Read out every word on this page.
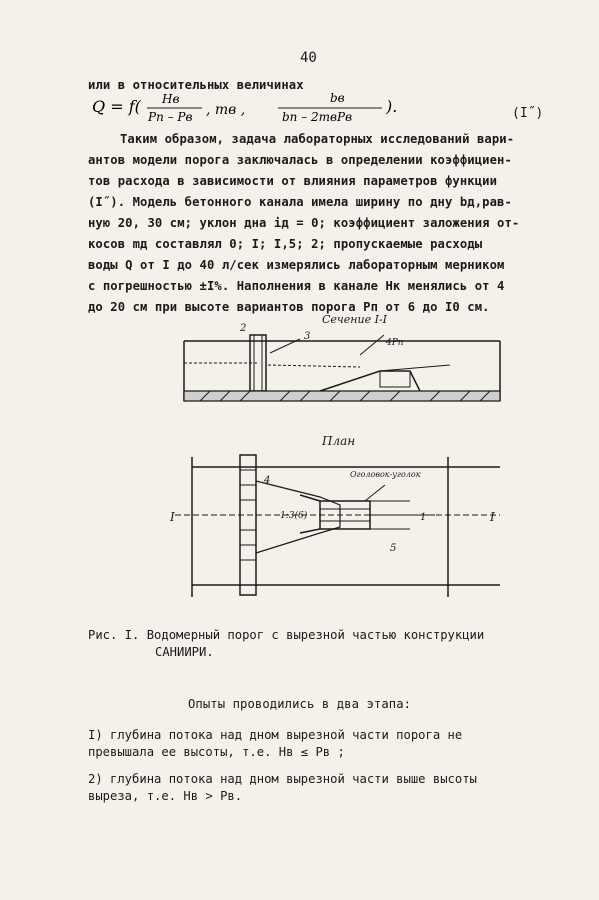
40
или в относительных величинах
Q = f( Hв
Pп – Pв , mв ,
bв
bп – 2mвPв
).	(I˝)
Таким образом, задача лабораторных исследований вари-
антов модели порога заключалась в определении коэффициен-
тов расхода в зависимости от влияния параметров функции
(I˝). Модель бетонного канала имела ширину по дну bд,рав-
ную 20, 30 см; уклон дна iд = 0; коэффициент заложения от-
косов mд составлял 0; I; I,5; 2; пропускаемые расходы
воды Q от I до 40 л/сек измерялись лабораторным мерником
с погрешностью ±I%. Наполнения в канале Hк менялись от 4
до 20 см при высоте вариантов порога Pп от 6 до I0 см.
Сечение I-I
2
3
4Pп
План
1:3(6)
Оголовок-уголок
I	I
4
5
1
Рис. I. Водомерный порог с вырезной частью конструкции
САНИИРИ.
Опыты проводились в два этапа:
I) глубина потока над дном вырезной части порога не
превышала ее высоты, т.е. Hв ≤ Pв ;
2) глубина потока над дном вырезной части выше высоты
выреза, т.е. Hв > Pв.
